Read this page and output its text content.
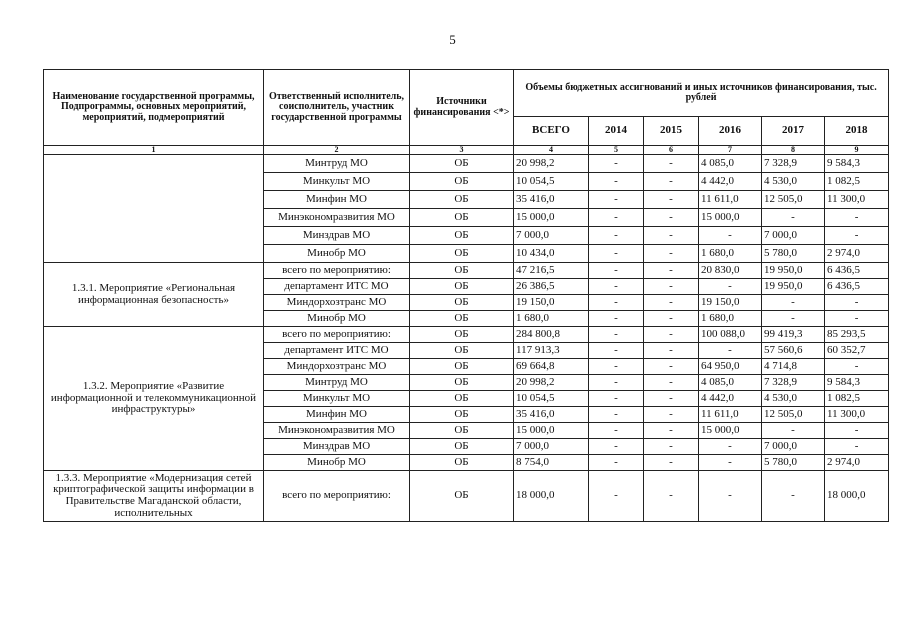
5
Наименование государственной программы, Подпрограммы, основных мероприятий, мероприятий, подмероприятий	Ответственный исполнитель, соисполнитель, участник государственной программы	Источники финансирования <*>	Объемы бюджетных ассигнований и иных источников финансирования, тыс. рублей					
			ВСЕГО	2014	2015	2016	2017	2018
1	2	3	4	5	6	7	8	9
	Минтруд МО	ОБ	20 998,2	-	-	4 085,0	7 328,9	9 584,3
	Минкульт МО	ОБ	10 054,5	-	-	4 442,0	4 530,0	1 082,5
	Минфин МО	ОБ	35 416,0	-	-	11 611,0	12 505,0	11 300,0
	Минэкономразвития МО	ОБ	15 000,0	-	-	15 000,0	-	-
	Минздрав МО	ОБ	7 000,0	-	-	-	7 000,0	-
	Минобр МО	ОБ	10 434,0	-	-	1 680,0	5 780,0	2 974,0
1.3.1. Мероприятие «Региональная информационная безопасность»	всего по мероприятию:	ОБ	47 216,5	-	-	20 830,0	19 950,0	6 436,5
	департамент ИТС МО	ОБ	26 386,5	-	-	-	19 950,0	6 436,5
	Миндорхозтранс МО	ОБ	19 150,0	-	-	19 150,0	-	-
	Минобр МО	ОБ	1 680,0	-	-	1 680,0	-	-
1.3.2. Мероприятие «Развитие информационной и телекоммуникационной инфраструктуры»	всего по мероприятию:	ОБ	284 800,8	-	-	100 088,0	99 419,3	85 293,5
	департамент ИТС МО	ОБ	117 913,3	-	-	-	57 560,6	60 352,7
	Миндорхозтранс МО	ОБ	69 664,8	-	-	64 950,0	4 714,8	-
	Минтруд МО	ОБ	20 998,2	-	-	4 085,0	7 328,9	9 584,3
	Минкульт МО	ОБ	10 054,5	-	-	4 442,0	4 530,0	1 082,5
	Минфин МО	ОБ	35 416,0	-	-	11 611,0	12 505,0	11 300,0
	Минэкономразвития МО	ОБ	15 000,0	-	-	15 000,0	-	-
	Минздрав МО	ОБ	7 000,0	-	-	-	7 000,0	-
	Минобр МО	ОБ	8 754,0	-	-	-	5 780,0	2 974,0
1.3.3. Мероприятие «Модернизация сетей криптографической защиты информации в Правительстве Магаданской области, исполнительных	всего по мероприятию:	ОБ	18 000,0	-	-	-	-	18 000,0
